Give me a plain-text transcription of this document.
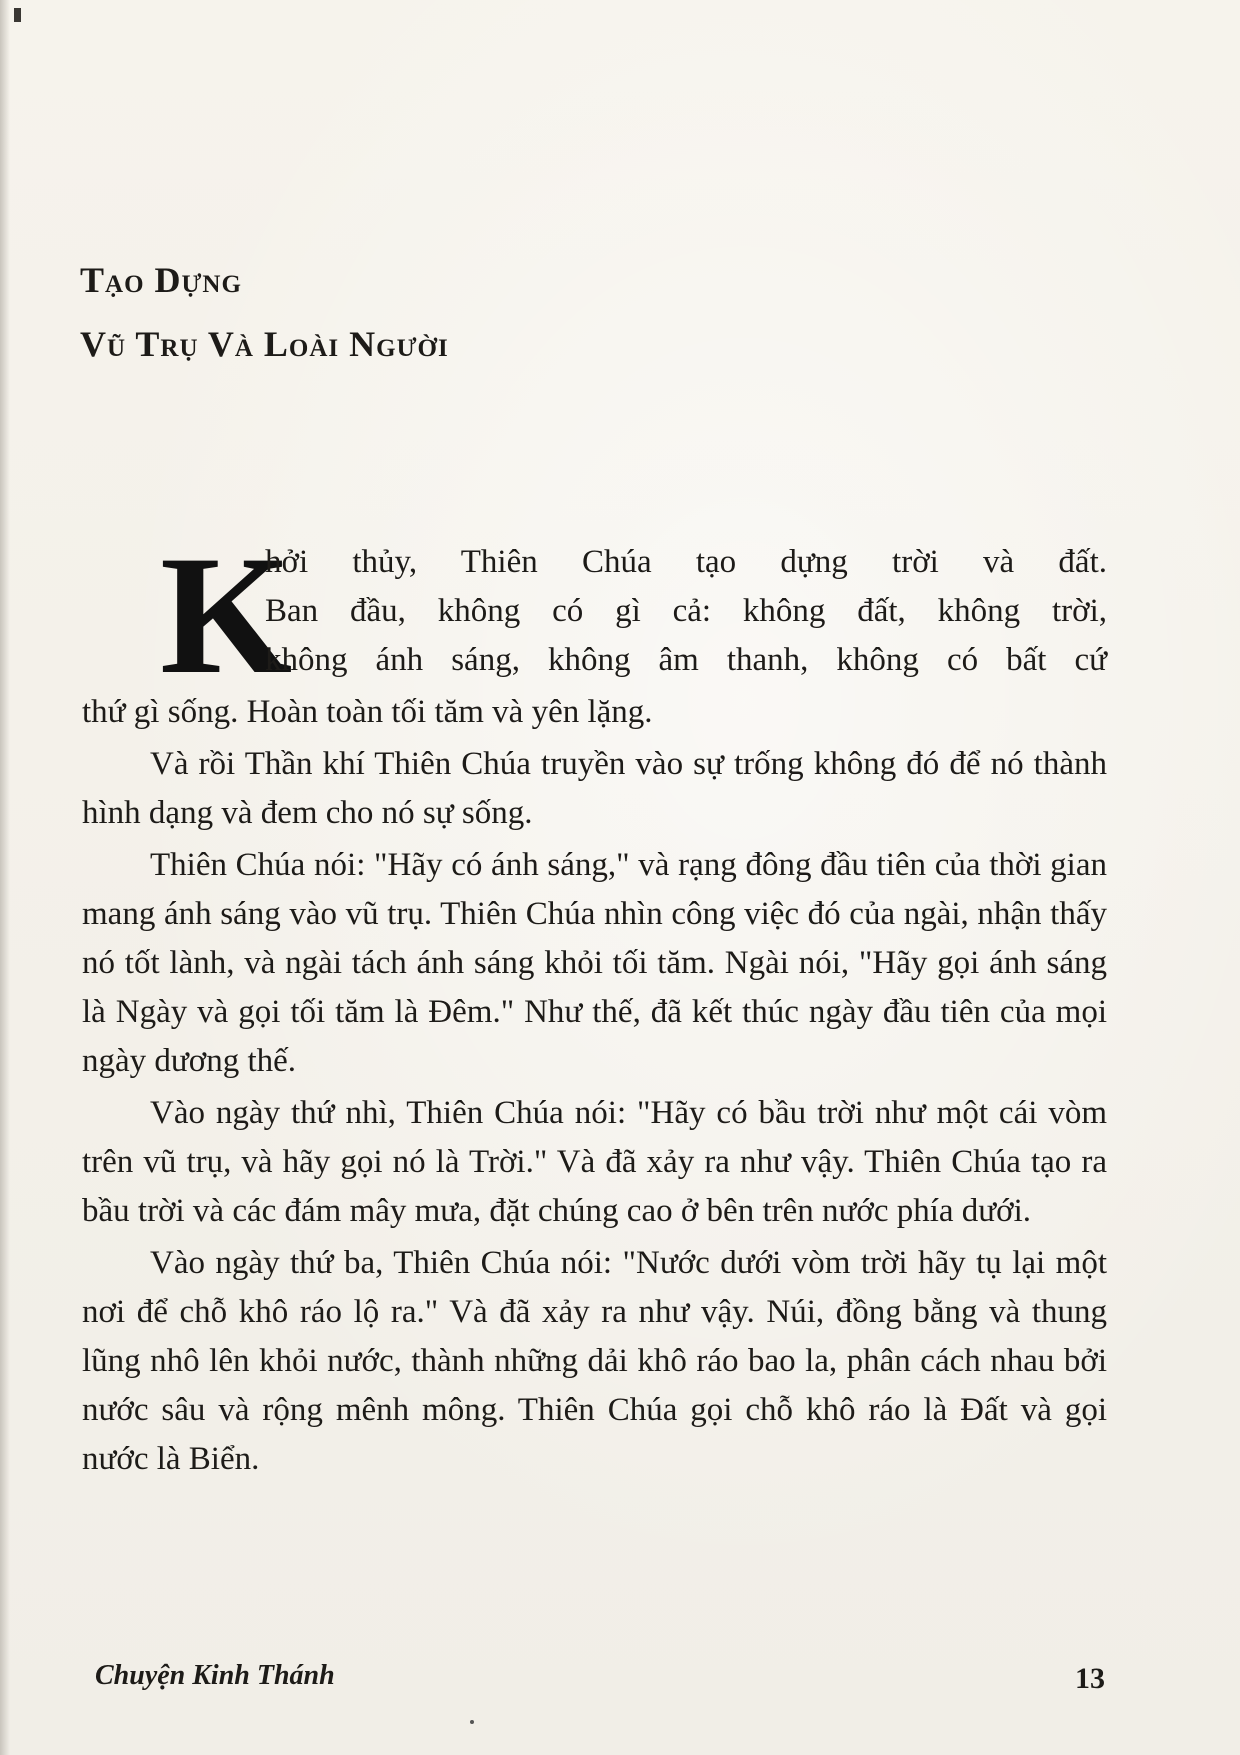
Tạo Dựng
Vũ Trụ Và Loài Người
K
hởi thủy, Thiên Chúa tạo dựng trời và đất.
Ban đầu, không có gì cả: không đất, không trời,
không ánh sáng, không âm thanh, không có bất cứ

thứ gì sống. Hoàn toàn tối tăm và yên lặng.

Và rồi Thần khí Thiên Chúa truyền vào sự trống không đó để nó thành hình dạng và đem cho nó sự sống.

Thiên Chúa nói: "Hãy có ánh sáng," và rạng đông đầu tiên của thời gian mang ánh sáng vào vũ trụ. Thiên Chúa nhìn công việc đó của ngài, nhận thấy nó tốt lành, và ngài tách ánh sáng khỏi tối tăm. Ngài nói, "Hãy gọi ánh sáng là Ngày và gọi tối tăm là Đêm." Như thế, đã kết thúc ngày đầu tiên của mọi ngày dương thế.

Vào ngày thứ nhì, Thiên Chúa nói: "Hãy có bầu trời như một cái vòm trên vũ trụ, và hãy gọi nó là Trời." Và đã xảy ra như vậy. Thiên Chúa tạo ra bầu trời và các đám mây mưa, đặt chúng cao ở bên trên nước phía dưới.

Vào ngày thứ ba, Thiên Chúa nói: "Nước dưới vòm trời hãy tụ lại một nơi để chỗ khô ráo lộ ra." Và đã xảy ra như vậy. Núi, đồng bằng và thung lũng nhô lên khỏi nước, thành những dải khô ráo bao la, phân cách nhau bởi nước sâu và rộng mênh mông. Thiên Chúa gọi chỗ khô ráo là Đất và gọi nước là Biển.

Chuyện Kinh Thánh	13
